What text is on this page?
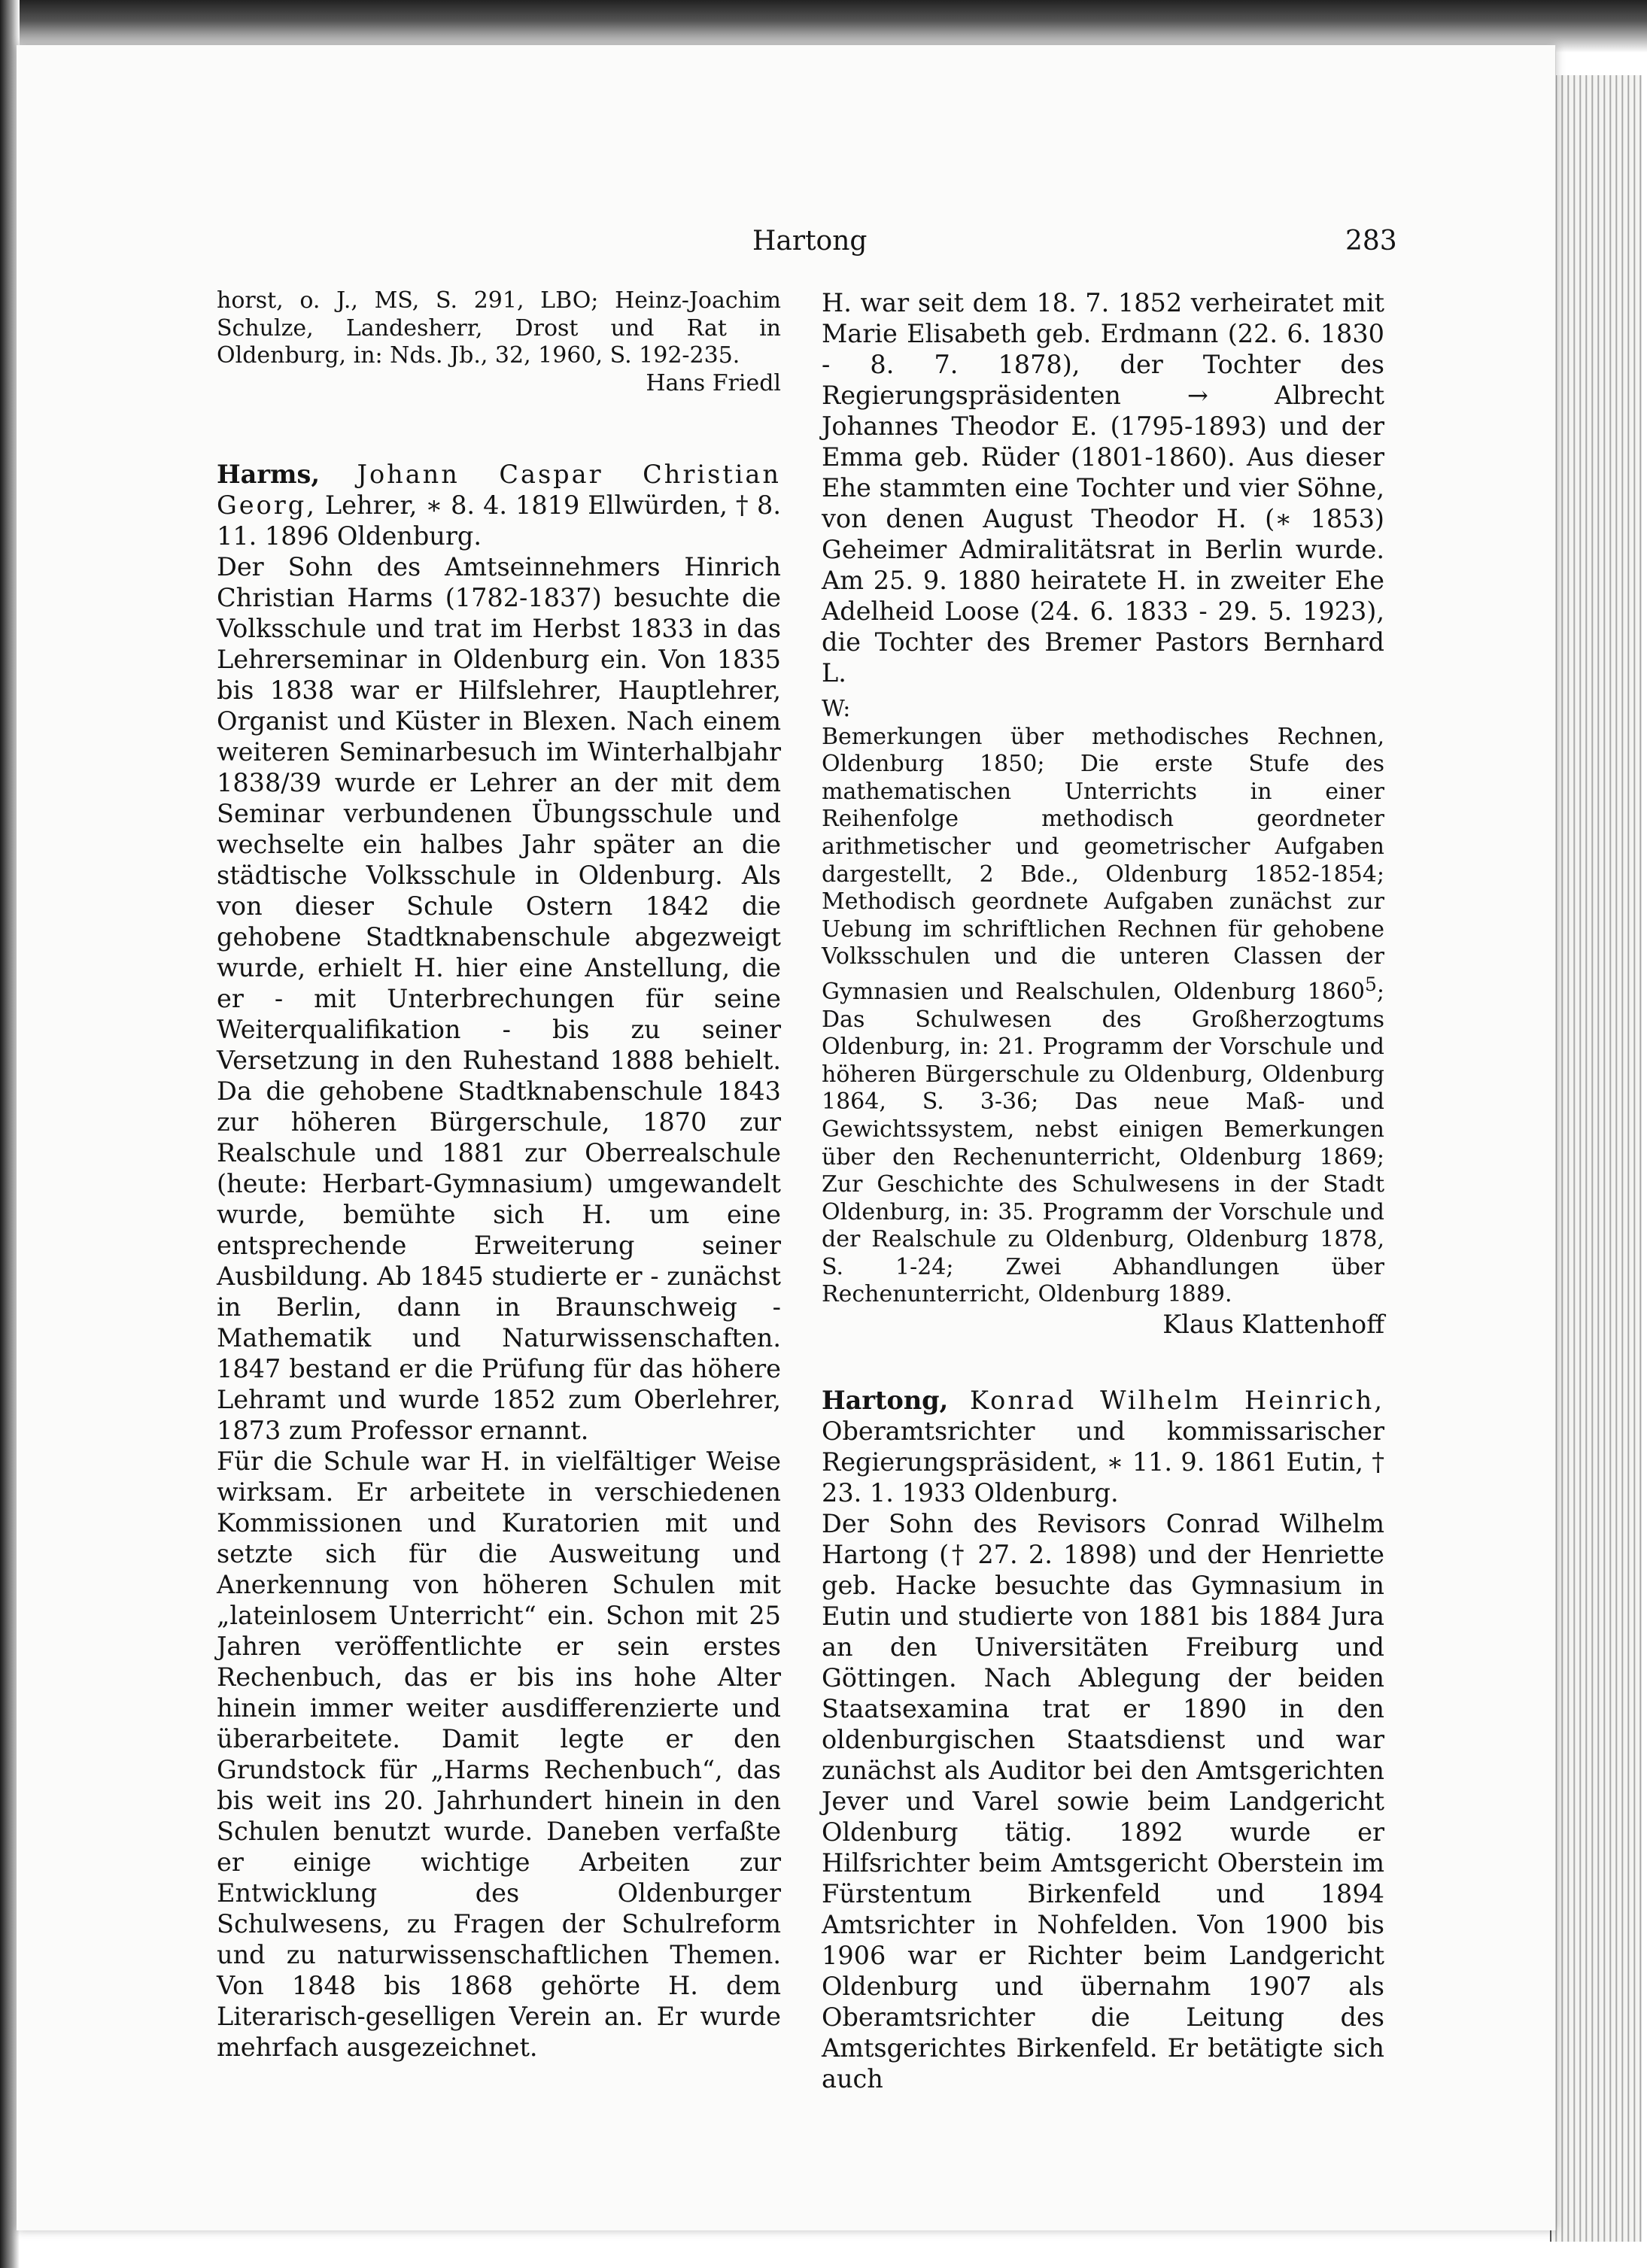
Hartong	283

horst, o. J., MS, S. 291, LBO; Heinz-Joachim Schulze, Landesherr, Drost und Rat in Oldenburg, in: Nds. Jb., 32, 1960, S. 192-235.

Hans Friedl

Harms, Johann Caspar Christian Georg, Lehrer, ∗ 8. 4. 1819 Ellwürden, † 8. 11. 1896 Oldenburg.

Der Sohn des Amtseinnehmers Hinrich Christian Harms (1782-1837) besuchte die Volksschule und trat im Herbst 1833 in das Lehrerseminar in Oldenburg ein. Von 1835 bis 1838 war er Hilfslehrer, Hauptlehrer, Organist und Küster in Blexen. Nach einem weiteren Seminarbesuch im Winterhalbjahr 1838/39 wurde er Lehrer an der mit dem Seminar verbundenen Übungsschule und wechselte ein halbes Jahr später an die städtische Volksschule in Oldenburg. Als von dieser Schule Ostern 1842 die gehobene Stadtknabenschule abgezweigt wurde, erhielt H. hier eine Anstellung, die er - mit Unterbrechungen für seine Weiterqualifikation - bis zu seiner Versetzung in den Ruhestand 1888 behielt. Da die gehobene Stadtknabenschule 1843 zur höheren Bürgerschule, 1870 zur Realschule und 1881 zur Oberrealschule (heute: Herbart-Gymnasium) umgewandelt wurde, bemühte sich H. um eine entsprechende Erweiterung seiner Ausbildung. Ab 1845 studierte er - zunächst in Berlin, dann in Braunschweig - Mathematik und Naturwissenschaften. 1847 bestand er die Prüfung für das höhere Lehramt und wurde 1852 zum Oberlehrer, 1873 zum Professor ernannt.

Für die Schule war H. in vielfältiger Weise wirksam. Er arbeitete in verschiedenen Kommissionen und Kuratorien mit und setzte sich für die Ausweitung und Anerkennung von höheren Schulen mit „lateinlosem Unterricht“ ein. Schon mit 25 Jahren veröffentlichte er sein erstes Rechenbuch, das er bis ins hohe Alter hinein immer weiter ausdifferenzierte und überarbeitete. Damit legte er den Grundstock für „Harms Rechenbuch“, das bis weit ins 20. Jahrhundert hinein in den Schulen benutzt wurde. Daneben verfaßte er einige wichtige Arbeiten zur Entwicklung des Oldenburger Schulwesens, zu Fragen der Schulreform und zu naturwissenschaftlichen Themen. Von 1848 bis 1868 gehörte H. dem Literarisch-geselligen Verein an. Er wurde mehrfach ausgezeichnet.

H. war seit dem 18. 7. 1852 verheiratet mit Marie Elisabeth geb. Erdmann (22. 6. 1830 - 8. 7. 1878), der Tochter des Regierungspräsidenten → Albrecht Johannes Theodor E. (1795-1893) und der Emma geb. Rüder (1801-1860). Aus dieser Ehe stammten eine Tochter und vier Söhne, von denen August Theodor H. (∗ 1853) Geheimer Admiralitätsrat in Berlin wurde. Am 25. 9. 1880 heiratete H. in zweiter Ehe Adelheid Loose (24. 6. 1833 - 29. 5. 1923), die Tochter des Bremer Pastors Bernhard L.

W:

Bemerkungen über methodisches Rechnen, Oldenburg 1850; Die erste Stufe des mathematischen Unterrichts in einer Reihenfolge methodisch geordneter arithmetischer und geometrischer Aufgaben dargestellt, 2 Bde., Oldenburg 1852-1854; Methodisch geordnete Aufgaben zunächst zur Uebung im schriftlichen Rechnen für gehobene Volksschulen und die unteren Classen der Gymnasien und Realschulen, Oldenburg 1860$^5$; Das Schulwesen des Großherzogtums Oldenburg, in: 21. Programm der Vorschule und höheren Bürgerschule zu Oldenburg, Oldenburg 1864, S. 3-36; Das neue Maß- und Gewichtssystem, nebst einigen Bemerkungen über den Rechenunterricht, Oldenburg 1869; Zur Geschichte des Schulwesens in der Stadt Oldenburg, in: 35. Programm der Vorschule und der Realschule zu Oldenburg, Oldenburg 1878, S. 1-24; Zwei Abhandlungen über Rechenunterricht, Oldenburg 1889.

Klaus Klattenhoff

Hartong, Konrad Wilhelm Heinrich, Oberamtsrichter und kommissarischer Regierungspräsident, ∗ 11. 9. 1861 Eutin, † 23. 1. 1933 Oldenburg.

Der Sohn des Revisors Conrad Wilhelm Hartong († 27. 2. 1898) und der Henriette geb. Hacke besuchte das Gymnasium in Eutin und studierte von 1881 bis 1884 Jura an den Universitäten Freiburg und Göttingen. Nach Ablegung der beiden Staatsexamina trat er 1890 in den oldenburgischen Staatsdienst und war zunächst als Auditor bei den Amtsgerichten Jever und Varel sowie beim Landgericht Oldenburg tätig. 1892 wurde er Hilfsrichter beim Amtsgericht Oberstein im Fürstentum Birkenfeld und 1894 Amtsrichter in Nohfelden. Von 1900 bis 1906 war er Richter beim Landgericht Oldenburg und übernahm 1907 als Oberamtsrichter die Leitung des Amtsgerichtes Birkenfeld. Er betätigte sich auch
